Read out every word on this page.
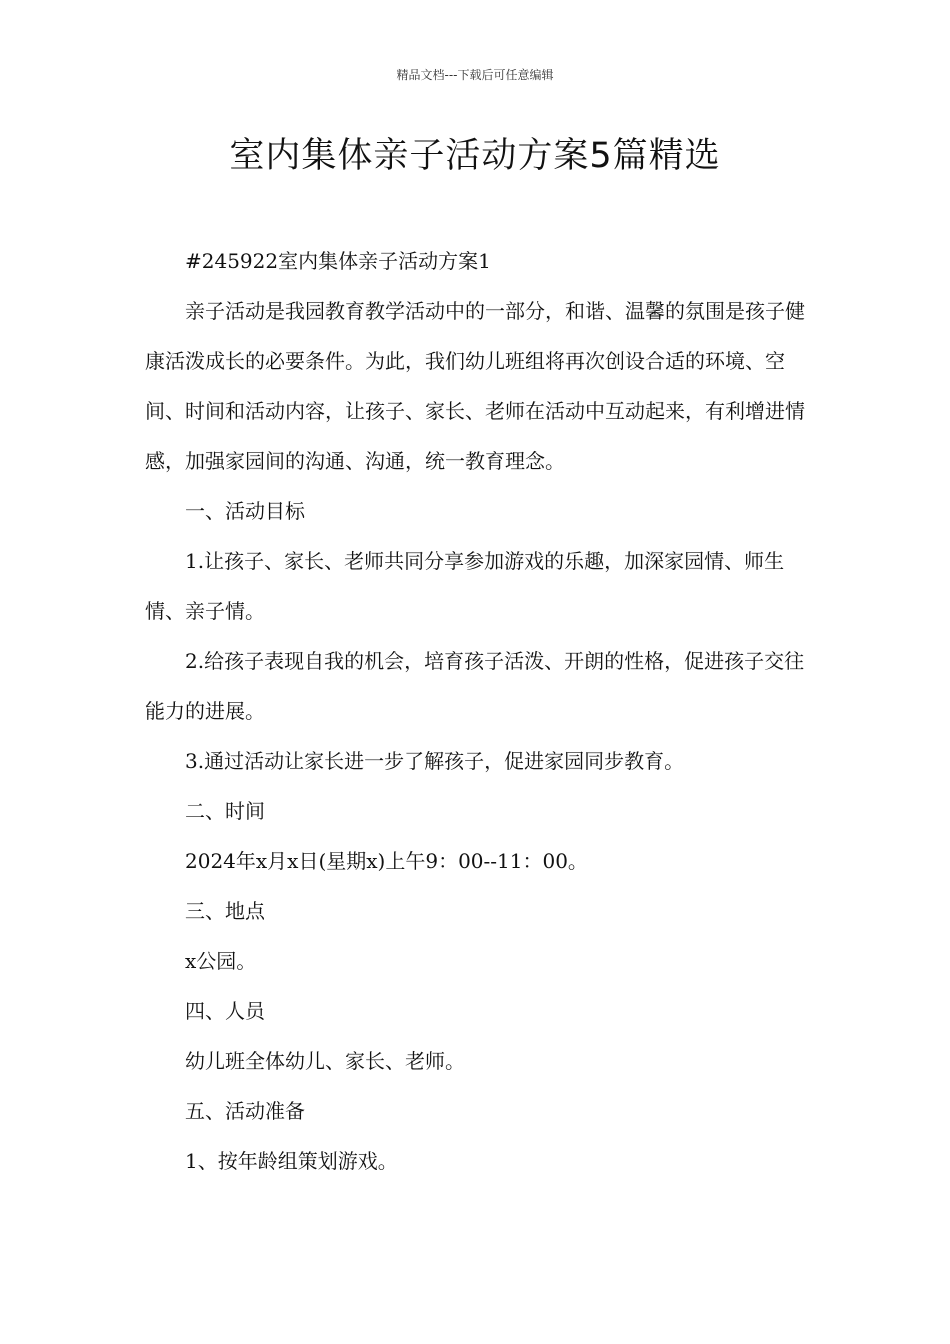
精品文档---下载后可任意编辑
室内集体亲子活动方案5篇精选

#245922室内集体亲子活动方案1

亲子活动是我园教育教学活动中的一部分，和谐、温馨的氛围是孩子健康活泼成长的必要条件。为此，我们幼儿班组将再次创设合适的环境、空间、时间和活动内容，让孩子、家长、老师在活动中互动起来，有利增进情感，加强家园间的沟通、沟通，统一教育理念。

一、活动目标

1.让孩子、家长、老师共同分享参加游戏的乐趣，加深家园情、师生情、亲子情。

2.给孩子表现自我的机会，培育孩子活泼、开朗的性格，促进孩子交往能力的进展。

3.通过活动让家长进一步了解孩子，促进家园同步教育。

二、时间

2024年x月x日(星期x)上午9：00--11：00。

三、地点

x公园。

四、人员

幼儿班全体幼儿、家长、老师。

五、活动准备

1、按年龄组策划游戏。
